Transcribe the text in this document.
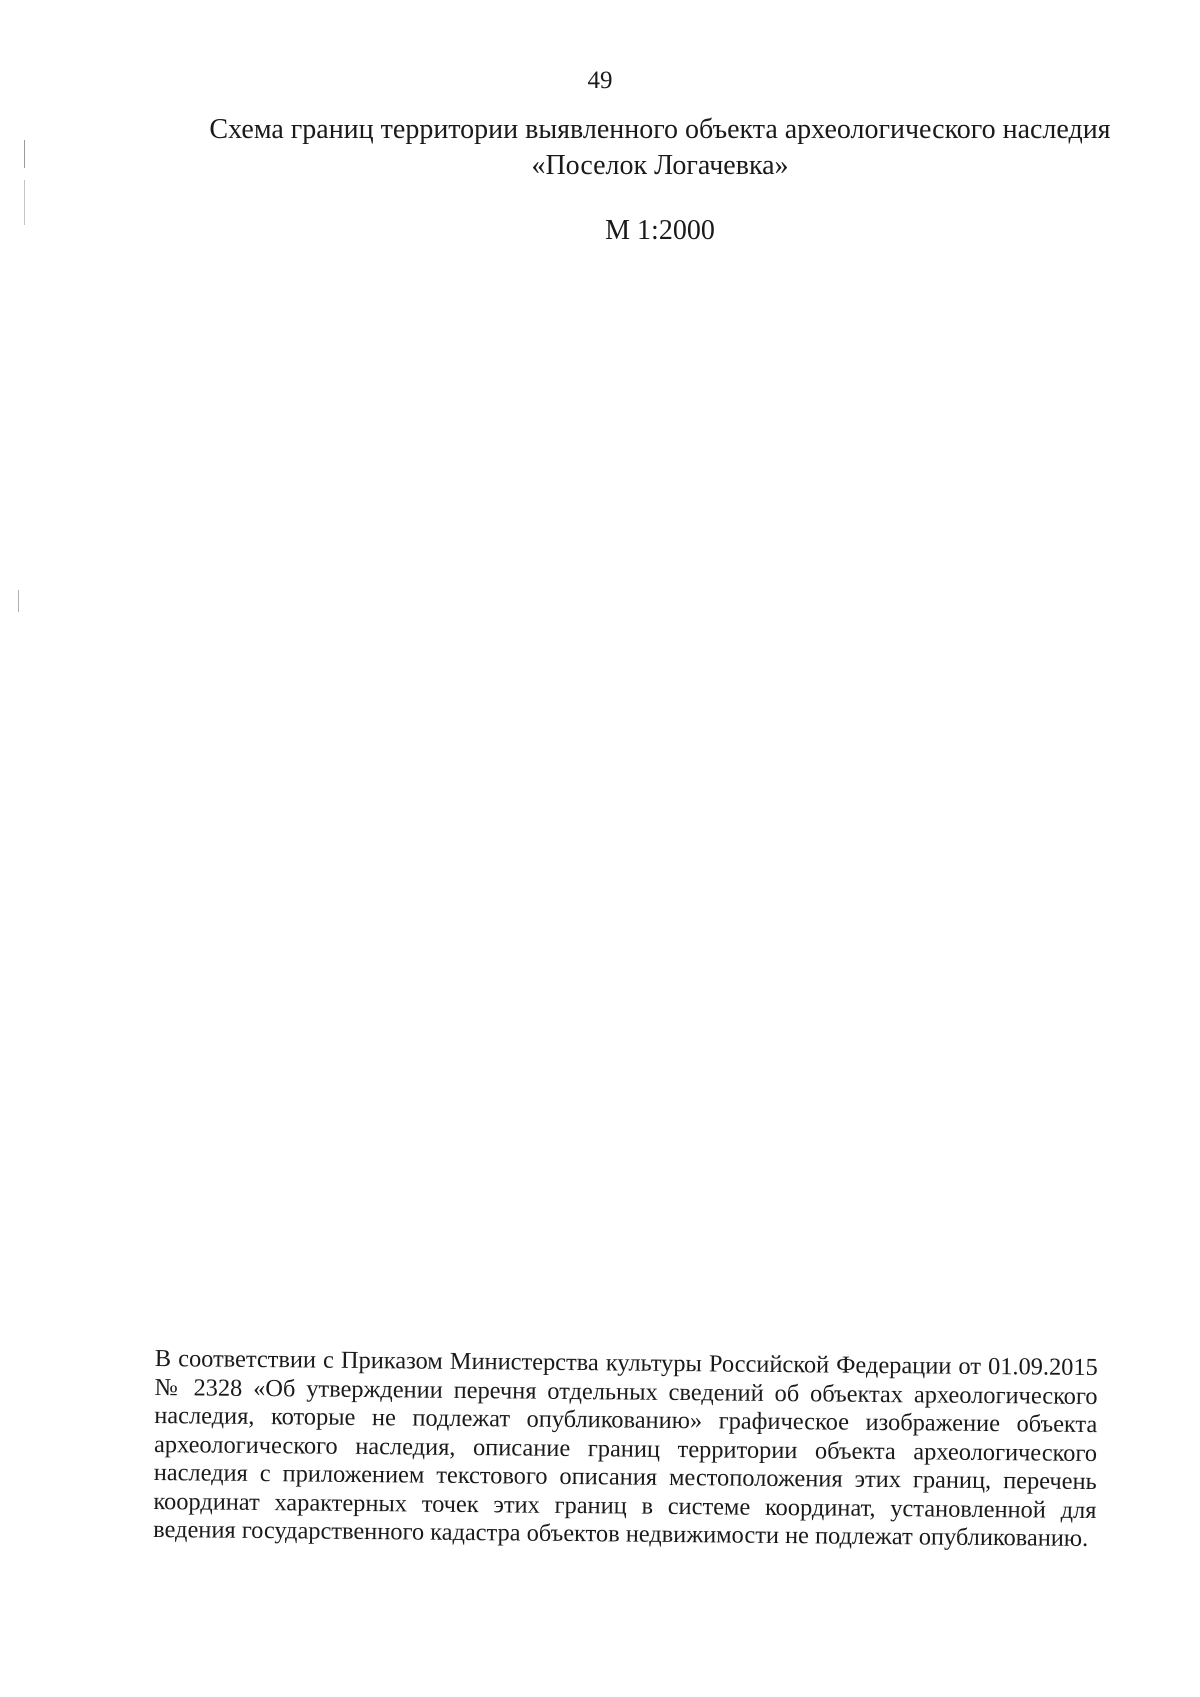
49
Схема границ территории выявленного объекта археологического наследия
«Поселок Логачевка»
М 1:2000
В соответствии с Приказом Министерства культуры Российской Федерации от 01.09.2015
№ 2328 «Об утверждении перечня отдельных сведений об объектах археологического
наследия, которые не подлежат опубликованию» графическое изображение объекта
археологического наследия, описание границ территории объекта археологического
наследия с приложением текстового описания местоположения этих границ, перечень
координат характерных точек этих границ в системе координат, установленной для
ведения государственного кадастра объектов недвижимости не подлежат опубликованию.
